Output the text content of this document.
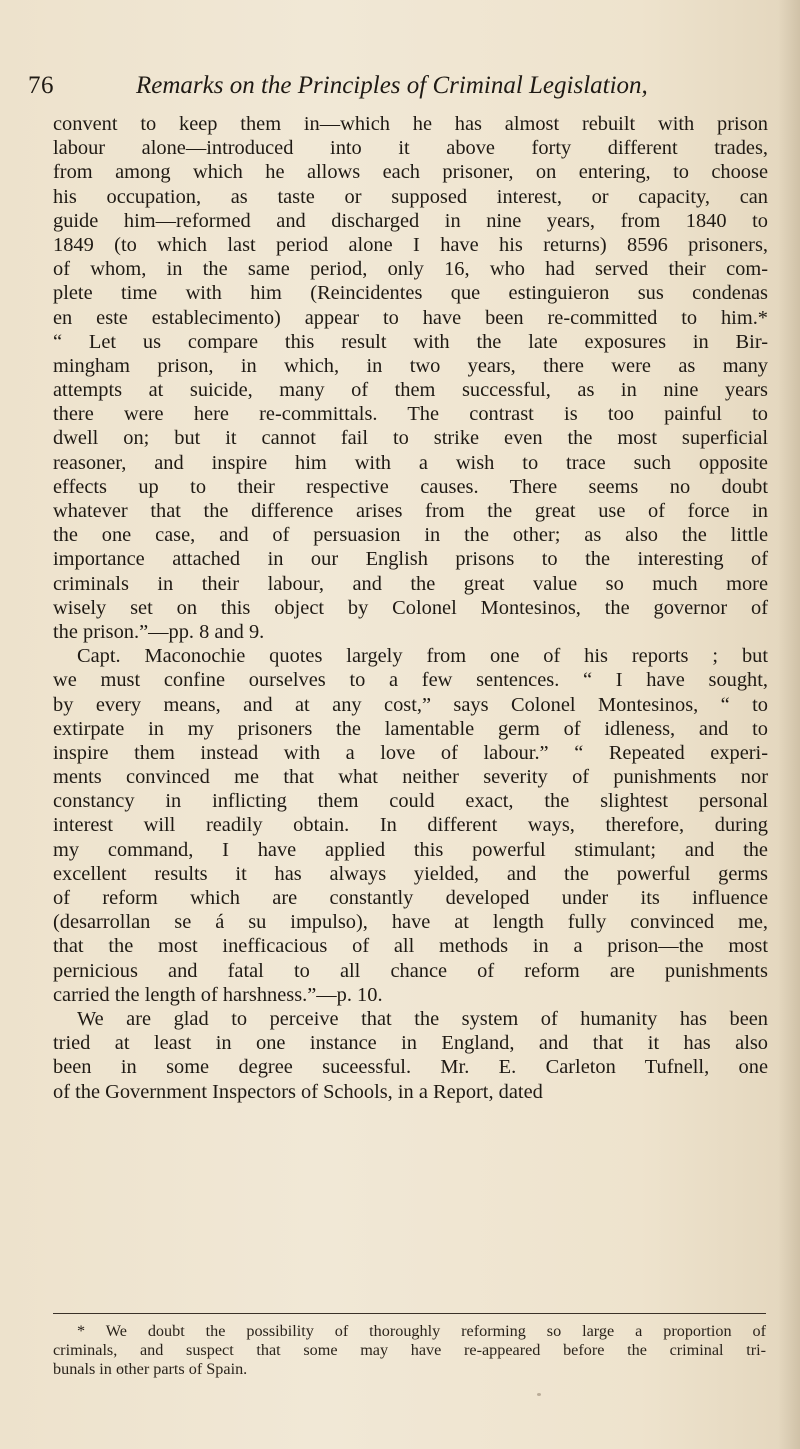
76	Remarks on the Principles of Criminal Legislation,
convent to keep them in—which he has almost rebuilt with prison
labour alone—introduced into it above forty different trades,
from among which he allows each prisoner, on entering, to choose
his occupation, as taste or supposed interest, or capacity, can
guide him—reformed and discharged in nine years, from 1840 to
1849 (to which last period alone I have his returns) 8596 prisoners,
of whom, in the same period, only 16, who had served their com-
plete time with him (Reincidentes que estinguieron sus condenas
en este establecimento) appear to have been re-committed to him.*
“ Let us compare this result with the late exposures in Bir-
mingham prison, in which, in two years, there were as many
attempts at suicide, many of them successful, as in nine years
there were here re-committals. The contrast is too painful to
dwell on; but it cannot fail to strike even the most superficial
reasoner, and inspire him with a wish to trace such opposite
effects up to their respective causes. There seems no doubt
whatever that the difference arises from the great use of force in
the one case, and of persuasion in the other; as also the little
importance attached in our English prisons to the interesting of
criminals in their labour, and the great value so much more
wisely set on this object by Colonel Montesinos, the governor of
the prison.”—pp. 8 and 9.
Capt. Maconochie quotes largely from one of his reports ; but
we must confine ourselves to a few sentences. “ I have sought,
by every means, and at any cost,” says Colonel Montesinos, “ to
extirpate in my prisoners the lamentable germ of idleness, and to
inspire them instead with a love of labour.” “ Repeated experi-
ments convinced me that what neither severity of punishments nor
constancy in inflicting them could exact, the slightest personal
interest will readily obtain. In different ways, therefore, during
my command, I have applied this powerful stimulant; and the
excellent results it has always yielded, and the powerful germs
of reform which are constantly developed under its influence
(desarrollan se á su impulso), have at length fully convinced me,
that the most inefficacious of all methods in a prison—the most
pernicious and fatal to all chance of reform are punishments
carried the length of harshness.”—p. 10.
We are glad to perceive that the system of humanity has been
tried at least in one instance in England, and that it has also
been in some degree suceessful. Mr. E. Carleton Tufnell, one
of the Government Inspectors of Schools, in a Report, dated
* We doubt the possibility of thoroughly reforming so large a proportion of
criminals, and suspect that some may have re-appeared before the criminal tri-
bunals in other parts of Spain.
